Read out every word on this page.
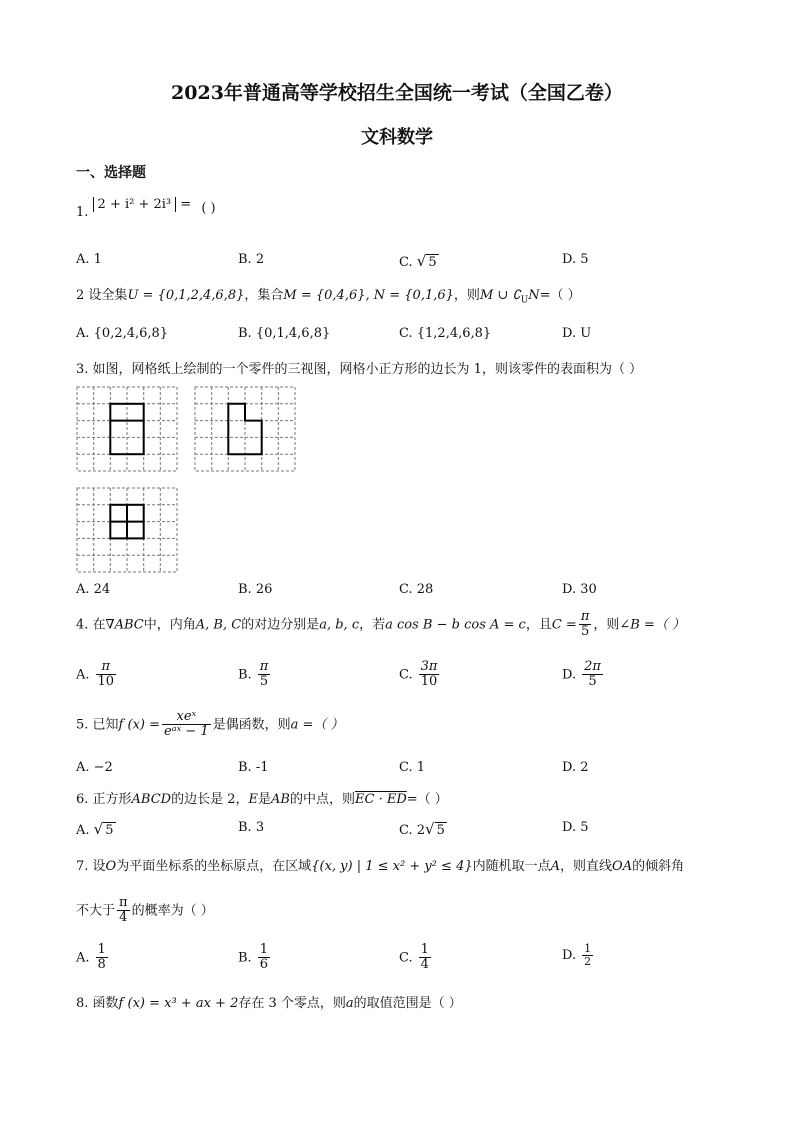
2023年普通高等学校招生全国统一考试（全国乙卷）
文科数学
一、选择题
1. 2 + i² + 2i³ = ( )
A. 1	B. 2	C. √ 5	D. 5
2 设全集U = {0,1,2,4,6,8}，集合M = {0,4,6}, N = {0,1,6}，则M ∪ $∁_UN=$（ ）
A. {0,2,4,6,8}	B. {0,1,4,6,8}	C. {1,2,4,6,8}	D. U
3. 如图，网格纸上绘制的一个零件的三视图，网格小正方形的边长为 1，则该零件的表面积为（ ）
A. 24	B. 26	C. 28	D. 30
4. 在∇ABC中，内角A, B, C的对边分别是a, b, c，若a cos B − b cos A = c，且$C = \frac{\pi}{5}$ ，则∠B =（ ）
A. $\frac{\pi}{10}$	B. $\frac{\pi}{5}$	C. $\frac{3\pi}{10}$	D. $\frac{2\pi}{5}$
5. 已知f $(x) = \frac{\text{xeˣ}}{\text{eᵃˣ − 1}}$ 是偶函数，则a =（ ）
A. −2	B. -1	C. 1	D. 2
6. 正方形ABCD的边长是 2，E是AB的中点，则EC · ED=（ ）
A. √ 5	B. 3	C. 2√ 5	D. 5
7. 设O为平面坐标系的坐标原点，在区域{(x, y) | 1 ≤ x² + y² ≤ 4}内随机取一点A，则直线OA的倾斜角
不大于 $\frac{\pi}{4}$ 的概率为（ ）
A. $\frac{1}{8}$	B. $\frac{1}{6}$	C. $\frac{1}{4}$	D. $\frac{1}{2}$
8. 函数f (x) = x³ + ax + 2存在 3 个零点，则a的取值范围是（ ）
